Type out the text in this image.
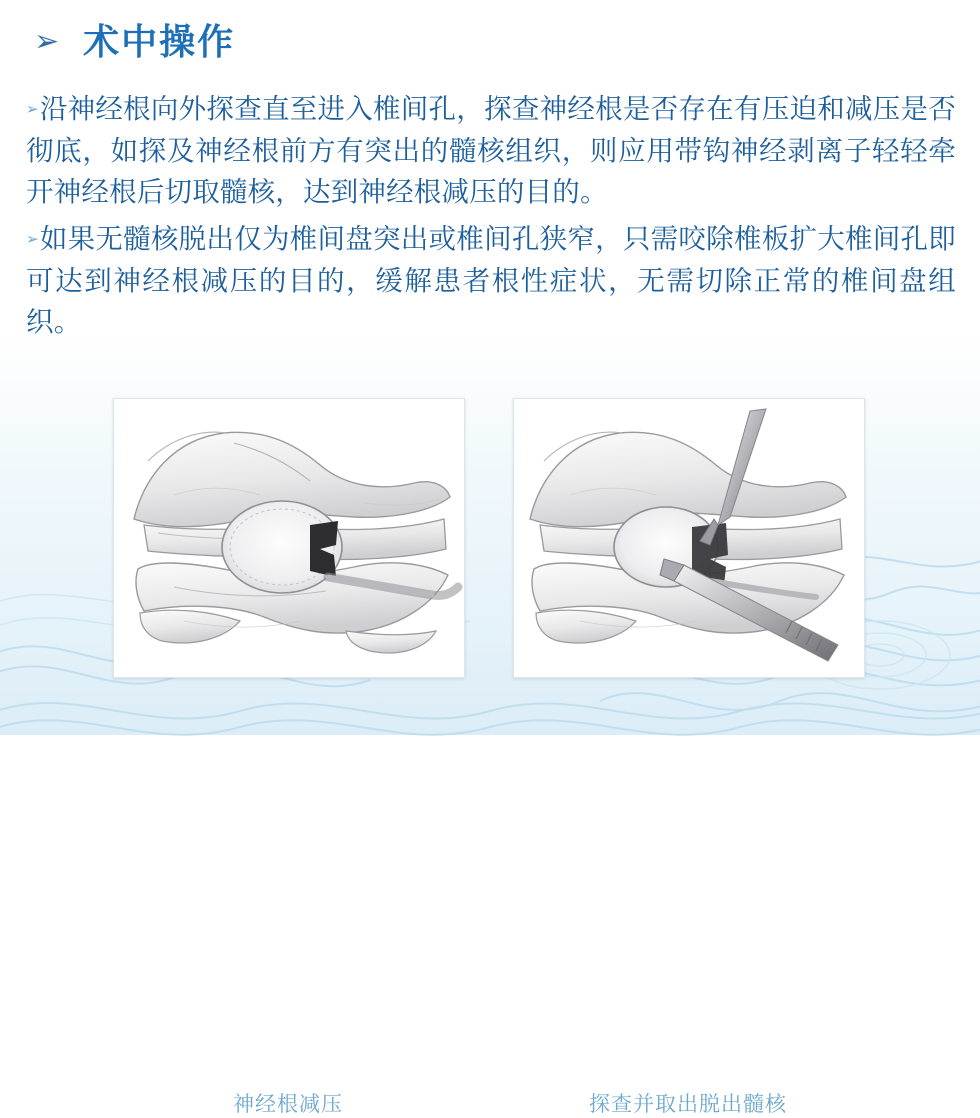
➢ 术中操作

➢沿神经根向外探查直至进入椎间孔，探查神经根是否存在有压迫和减压是否彻底，如探及神经根前方有突出的髓核组织，则应用带钩神经剥离子轻轻牵开神经根后切取髓核，达到神经根减压的目的。

➢如果无髓核脱出仅为椎间盘突出或椎间孔狭窄，只需咬除椎板扩大椎间孔即可达到神经根减压的目的，缓解患者根性症状，无需切除正常的椎间盘组织。

神经根减压	探查并取出脱出髓核
